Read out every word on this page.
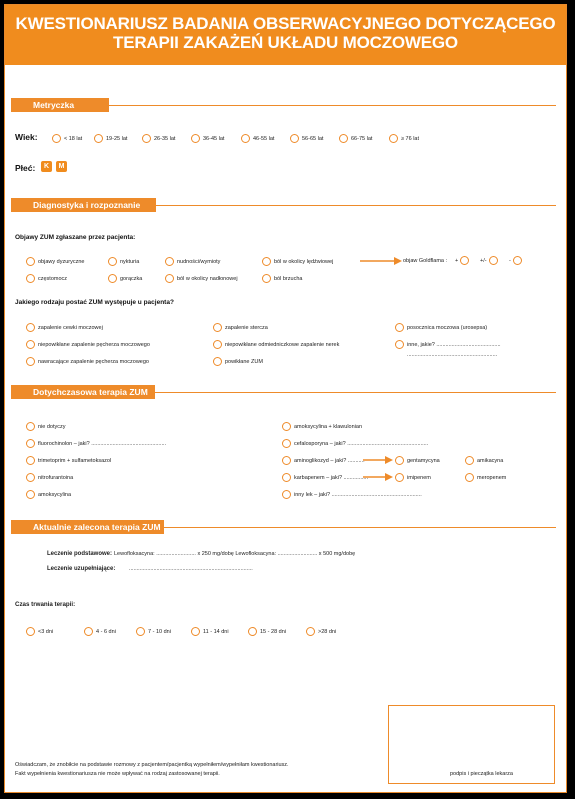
KWESTIONARIUSZ BADANIA OBSERWACYJNEGO DOTYCZĄCEGO
TERAPII ZAKAŻEŃ UKŁADU MOCZOWEGO
Metryczka
Wiek:	< 18 lat	19-25 lat	26-35 lat	36-45 lat	46-55 lat	56-65 lat	66-75 lat	≥ 76 lat
Płeć:	K	M
Diagnostyka i rozpoznanie
Objawy ZUM zgłaszane przez pacjenta:
objawy dyzuryczne	nykturia	nudności/wymioty	ból w okolicy lędźwiowej
częstomocz	gorączka	ból w okolicy nadłonowej	ból brzucha
objaw Goldflama : +	+/-	-
Jakiego rodzaju postać ZUM występuje u pacjenta?
zapalenie cewki moczowej
niepowikłane zapalenie pęcherza moczowego
nawracające zapalenie pęcherza moczowego
zapalenie sterczа
niepowikłane odmiedniczkowe zapalenie nerek
powikłane ZUM
posocznica moczowa (urosepsa)
inne, jakie? ..........................................
...........................................................
Dotychczasowa terapia ZUM
nie dotyczy
fluorochinolon – jaki? .................................................
trimetoprim + sulfametoksazol
nitrofurantoina
amoksycylina
amoksycylina + klawulonian
cefalosporyna – jaki? .....................................................
aminoglikozyd – jaki? ...........
karbapenem – jaki? ................
inny lek – jaki? ...........................................................
gentamycyna	amikacyna
imipenem	meropenem
Aktualnie zalecona terapia ZUM
Leczenie podstawowe: Lewofloksacyna: .......................... x 250 mg/dobę Lewofloksacyna: .......................... x 500 mg/dobę
Leczenie uzupełniające: .................................................................................
Czas trwania terapii:
<3 dni	4 - 6 dni	7 - 10 dni	11 - 14 dni	15 - 28 dni	>28 dni
podpis i pieczątka lekarza
Oświadczam, że znobiłcie na podstawie rozmowy z pacjentem/pacjentką wypełniłem/wypełniłam kwestionariusz.
Fakt wypełnienia kwestionariusza nie może wpływać na rodzaj zastosowanej terapii.
